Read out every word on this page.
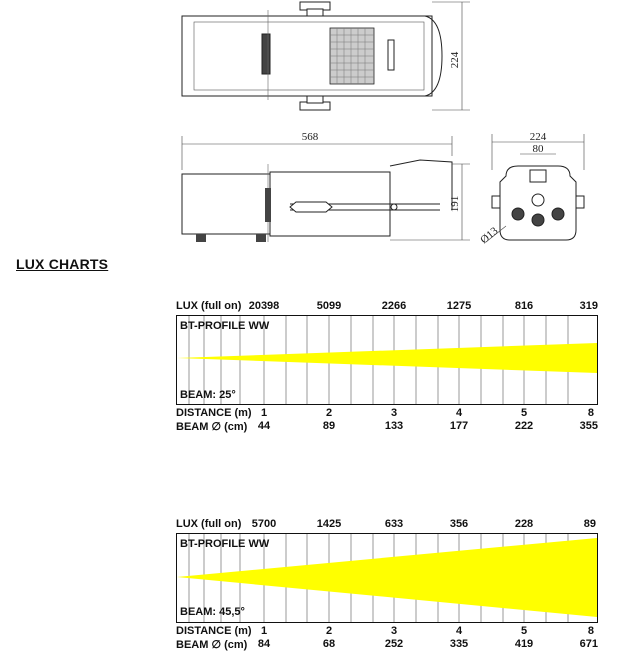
224
568
191
224
80
Ø13
LUX CHARTS
LUX (full on) 20398	5099	2266	1275	816	319
BT-PROFILE WW
BEAM: 25°
DISTANCE (m) 1	2	3	4	5	8
BEAM ∅ (cm) 44	89	133	177	222	355
LUX (full on) 5700	1425	633	356	228	89
BT-PROFILE WW
BEAM: 45,5°
DISTANCE (m) 1	2	3	4	5	8
BEAM ∅ (cm) 84	68	252	335	419	671
